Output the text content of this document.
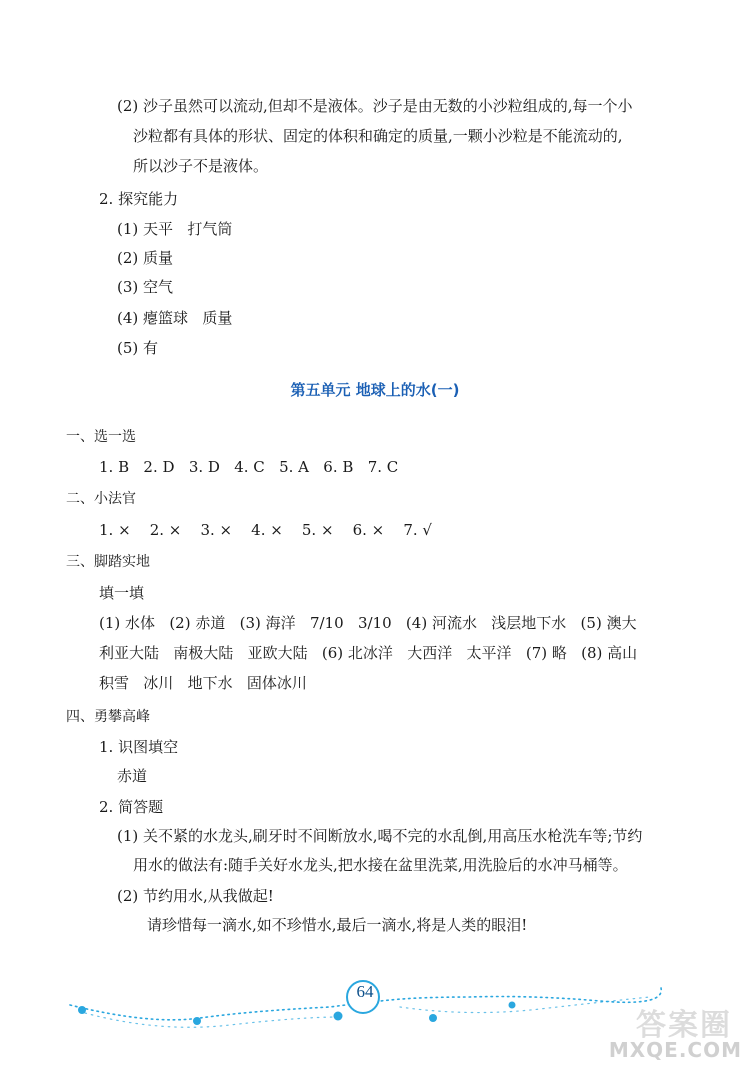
(2) 沙子虽然可以流动,但却不是液体。沙子是由无数的小沙粒组成的,每一个小
沙粒都有具体的形状、固定的体积和确定的质量,一颗小沙粒是不能流动的,
所以沙子不是液体。
2. 探究能力
(1) 天平   打气筒
(2) 质量
(3) 空气
(4) 瘪篮球   质量
(5) 有
第五单元 地球上的水(一)
一、选一选
1. B   2. D   3. D   4. C   5. A   6. B   7. C
二、小法官
1. ×    2. ×    3. ×    4. ×    5. ×    6. ×    7. √
三、脚踏实地
填一填
(1) 水体   (2) 赤道   (3) 海洋   7/10   3/10   (4) 河流水   浅层地下水   (5) 澳大
利亚大陆   南极大陆   亚欧大陆   (6) 北冰洋   大西洋   太平洋   (7) 略   (8) 高山
积雪   冰川   地下水   固体冰川
四、勇攀高峰
1. 识图填空
赤道
2. 简答题
(1) 关不紧的水龙头,刷牙时不间断放水,喝不完的水乱倒,用高压水枪洗车等;节约
用水的做法有:随手关好水龙头,把水接在盆里洗菜,用洗脸后的水冲马桶等。
(2) 节约用水,从我做起!
请珍惜每一滴水,如不珍惜水,最后一滴水,将是人类的眼泪!
64
答案圈
MXQE.COM
